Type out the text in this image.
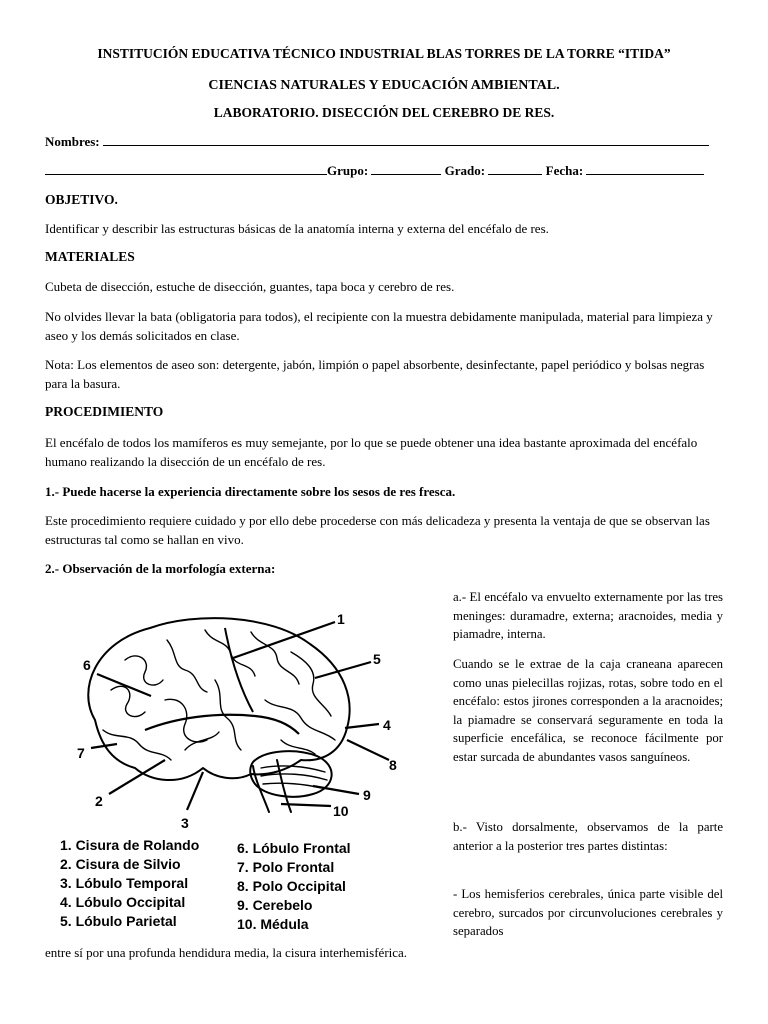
INSTITUCIÓN EDUCATIVA TÉCNICO INDUSTRIAL BLAS TORRES DE LA TORRE “ITIDA”
CIENCIAS NATURALES Y EDUCACIÓN AMBIENTAL.
LABORATORIO. DISECCIÓN DEL CEREBRO DE RES.
Nombres:
Grupo:	Grado:	Fecha:
OBJETIVO.
Identificar y describir las estructuras básicas de la anatomía interna y externa del encéfalo de res.
MATERIALES
Cubeta de disección, estuche de disección, guantes, tapa boca y cerebro de res.
No olvides llevar la bata (obligatoria para todos), el recipiente con la muestra debidamente manipulada, material para limpieza y aseo y los demás solicitados en clase.
Nota: Los elementos de aseo son: detergente, jabón, limpión o papel absorbente, desinfectante, papel periódico y bolsas negras para la basura.
PROCEDIMIENTO
El encéfalo de todos los mamíferos es muy semejante, por lo que se puede obtener una idea bastante aproximada del encéfalo humano realizando la disección de un encéfalo de res.
1.- Puede hacerse la experiencia directamente sobre los sesos de res fresca.
Este procedimiento requiere cuidado y por ello debe procederse con más delicadeza y presenta la ventaja de que se observan las estructuras tal como se hallan en vivo.
2.- Observación de la morfología externa:
a.- El encéfalo va envuelto externamente por las tres meninges: duramadre, externa; aracnoides, media y piamadre, interna.
Cuando se le extrae de la caja craneana aparecen como unas pielecillas rojizas, rotas, sobre todo en el encéfalo: estos jirones corresponden a la aracnoides; la piamadre se conservará seguramente en toda la superficie encefálica, se reconoce fácilmente por estar surcada de abundantes vasos sanguíneos.
b.- Visto dorsalmente, observamos de la parte anterior a la posterior tres partes distintas:
- Los hemisferios cerebrales, única parte visible del cerebro, surcados por circunvoluciones cerebrales y separados
entre sí por una profunda hendidura media, la cisura interhemisférica.
1
5
4
8
9
10
6
7
2
3
1. Cisura de Rolando
2. Cisura de Silvio
3. Lóbulo Temporal
4. Lóbulo Occipital
5. Lóbulo Parietal
6. Lóbulo Frontal
7. Polo Frontal
8. Polo Occipital
9. Cerebelo
10. Médula
